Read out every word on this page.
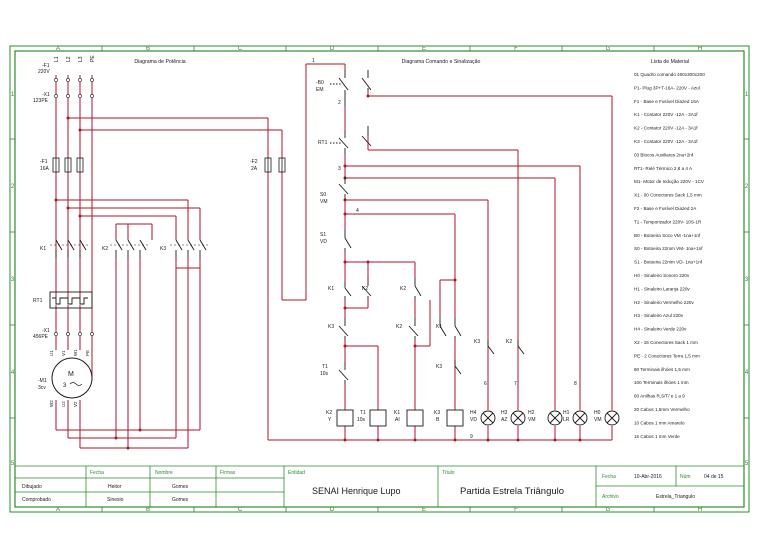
A	B	C	D	E	F	G	H
A	B	C	D	E	F	G	H
1
2
3
4
5
1
2
3
4
5
Diagrama de Potência	Diagrama Comando e Sinalização	Lista de Material
L1 L2 L3 PE
-F1
220V
-X1
123PE
-F1
16A
K1	K2	K3
RT1
-X1
456PE
-M1
3cv
M
3
U1 V1 W1 PE
W2 U2 V2
-F2
2A
1
2
3
4
6	7	8
9
-B0
EM
RT1
S0
VM
S1
VD
K1	K2	K2
K3	K2	K1
K3	K2
K3
T1
10s
K2
Y
T1
10s
K1
AI
K3
B
H4
VD
H3
AZ
H2
VM
H1
LR
H0
VM
01 Quadro comando 400x300x200
P1- Plug 3P+T-16A- 220V - Azul
F1 - Base e Fusível Diazed 16A
K1 - Contator 220V -12A - 3A1f
K2 - Contator 220V -12A - 3A1f
K3 - Contator 220V -12A - 3A1f
03 Blocos Auxiliares 2na+2nf
RT1- Relé Térmico 2,8 a 4 A
M1- Motor de Indução 220V - 1CV
X1 - 00 Conectores Sack 1,5 mm
F2 - Base e Fusível Diazed 2A
T1 - Temporizador 220V- 10S-1R
B0 - Botoeira Soco VM -1na+1nf
S0 - Botoeira 22mm VM- 1na+1nf
S1 - Botoeira 22mm VD- 1na+1nf
H0 - Sinaleiro Sonoro 220v
H1 - Sinaleiro Laranja 220v
H2 - Sinaleiro Vermelho 220v
H3 - Sinaleiro Azul 220v
H4 - Sinaleiro Verde 220v
X2 - 15 Conectores Sack 1 mm
PE - 2 Conectores Terra 1,5 mm
80 Terminais ilhóes 1,5 mm
100 Terminais ilhóes 1 mm
60 Anilhas R,S/T/ e 1 a 9
20 Cabos 1,5mm Vermelho
10 Cabos 1 mm Amarelo
15 Cabos 1 mm Verde
Fecha	Nombre	Firmas	Entidad	Título
Dibujado	Heitor	Gomes
Comprobado	Sinesio	Gomes
SENAI Henrique Lupo	Partida Estrela Triângulo
Fecha	10-Abr-2016	Núm	04 de 15
Archivo	Estrela_Triangulo
